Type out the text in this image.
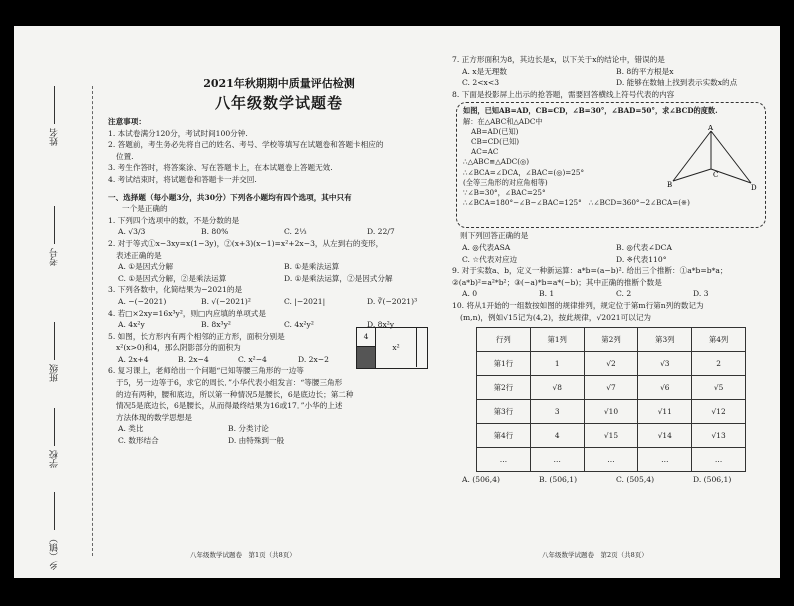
姓名
考号
班级
学校
乡（镇）
2021年秋期期中质量评估检测
八年级数学试题卷
注意事项：
1. 本试卷满分120分，考试时间100分钟.
2. 答题前，考生务必先将自己的姓名、考号、学校等填写在试题卷和答题卡相应的
位置.
3. 考生作答时，将答案涂、写在答题卡上，在本试题卷上答题无效.
4. 考试结束时，将试题卷和答题卡一并交回.
一、选择题（每小题3分，共30分）下列各小题均有四个选项，其中只有
一个是正确的
1. 下列四个选项中的数，不是分数的是
A. √3/3	B. 80%	C. 2⅓	D. 22/7
2. 对于等式①x−3xy=x(1−3y)，②(x+3)(x−1)=x²+2x−3，从左到右的变形，
表述正确的是
A. ①是因式分解	B. ①是乘法运算
C. ①是因式分解，②是乘法运算	D. ①是乘法运算，②是因式分解
3. 下列各数中，化简结果为−2021的是
A. −(−2021)	B. √(−2021)²	C. |−2021|	D. ∛(−2021)³
4. 若□×2xy=16x³y²，则□内应填的单项式是
A. 4x²y	B. 8x³y²	C. 4x²y²	D. 8x²y
5. 如图，长方形内有两个相邻的正方形，面积分别是
x²(x>0)和4，那么阴影部分的面积为
A. 2x+4	B. 2x−4	C. x²−4	D. 2x−2
4
x²
6. 复习课上，老师给出一个问题“已知等腰三角形的一边等
于5，另一边等于6，求它的周长．”小华代表小组发言：“等腰三角形
的边有两种，腰和底边，所以第一种情况5是腰长，6是底边长；第二种
情况5是底边长，6是腰长，从而得最终结果为16或17．”小华的上述
方法体现的数学思想是
A. 类比	B. 分类讨论
C. 数形结合	D. 由特殊到一般
八年级数学试题卷　第1页（共8页）
7. 正方形面积为8，其边长是x，以下关于x的结论中，错误的是
A. x是无理数	B. 8的平方根是x
C. 2<x<3	D. 能够在数轴上找到表示实数x的点
8. 下面是投影屏上出示的抢答题，需要回答横线上符号代表的内容
如图，已知AB=AD，CB=CD，∠B=30°，∠BAD=50°，求∠BCD的度数.
解：在△ABC和△ADC中
AB=AD(已知)
CB=CD(已知)
AC=AC
∴△ABC≌△ADC(◎)
∴∠BCA=∠DCA，∠BAC=(◎)=25°
(全等三角形的对应角相等)
∵∠B=30°，∠BAC=25°
∴∠BCA=180°−∠B−∠BAC=125°　∴∠BCD=360°−2∠BCA=(※)
A
B
C
D
则下列回答正确的是
A. ◎代表ASA	B. ◎代表∠DCA
C. ☆代表对应边	D. ※代表110°
9. 对于实数a、b，定义一种新运算：a*b=(a−b)². 给出三个推断：①a*b=b*a；
②(a*b)²=a²*b²；③(−a)*b=a*(−b)；其中正确的推断个数是
A. 0	B. 1	C. 2	D. 3
10. 将从1开始的一组数按如图的规律排列，规定位于第m行第n列的数记为
(m,n)，例如√15记为(4,2)，按此规律，√2021可以记为
行列	第1列	第2列	第3列	第4列
第1行	1	√2	√3	2
第2行	√8	√7	√6	√5
第3行	3	√10	√11	√12
第4行	4	√15	√14	√13
…	…	…	…	…
A. (506,4)	B. (506,1)	C. (505,4)	D. (506,1)
八年级数学试题卷　第2页（共8页）
